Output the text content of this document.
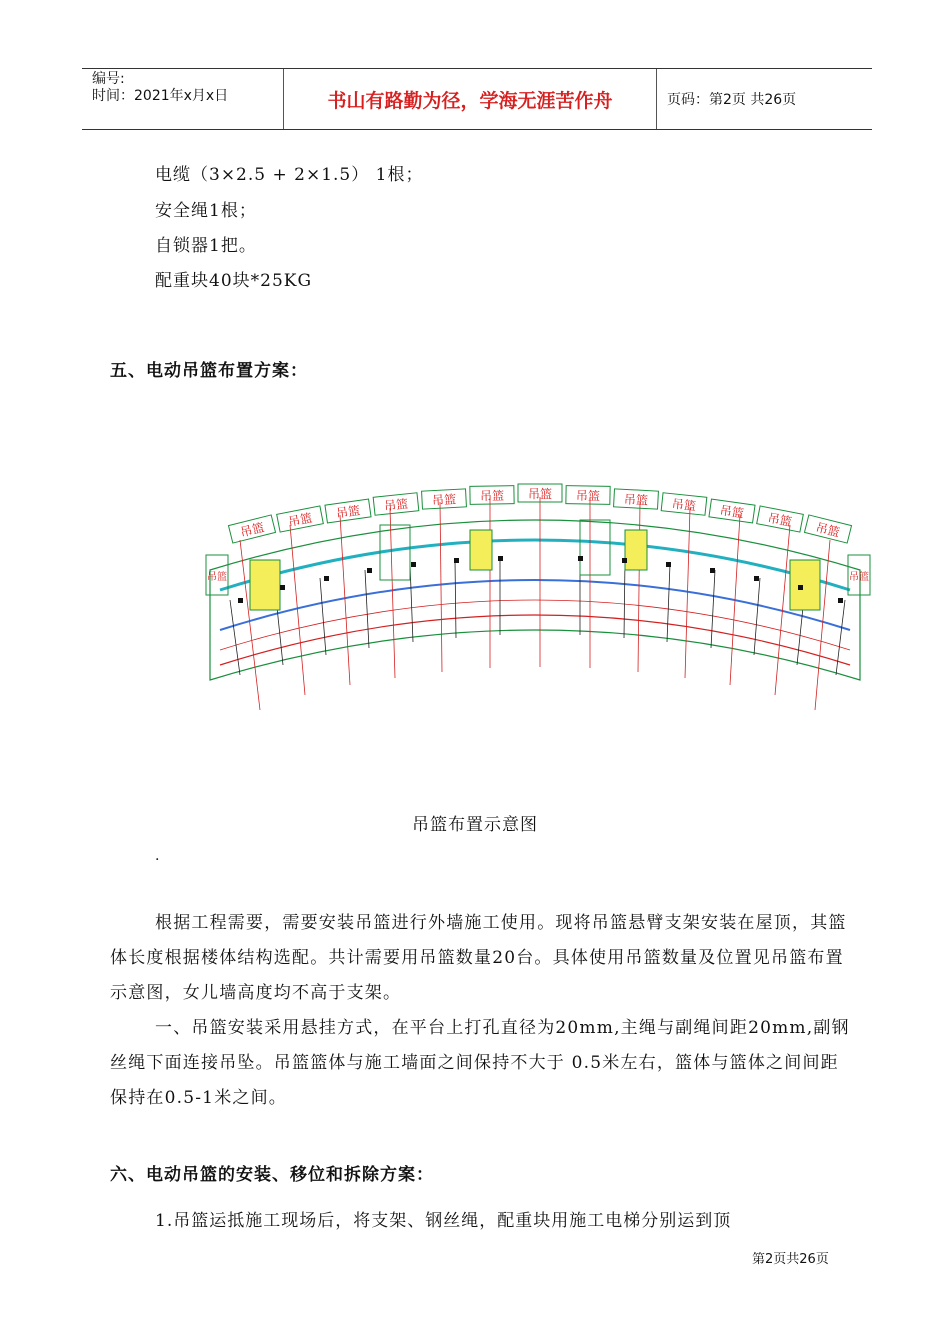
编号:
时间：2021年x月x日	书山有路勤为径，学海无涯苦作舟	页码：第2页 共26页
电缆（3×2.5 + 2×1.5） 1根；
安全绳1根；
自锁器1把。
配重块40块*25KG
五、电动吊篮布置方案：
吊篮
吊篮 吊篮 吊篮 吊篮 吊篮 吊篮 吊篮 吊篮 吊篮 吊篮 吊篮
吊篮
吊篮	吊篮
吊篮布置示意图
.
根据工程需要，需要安装吊篮进行外墙施工使用。现将吊篮悬臂支架安装在屋顶，其篮体长度根据楼体结构选配。共计需要用吊篮数量20台。具体使用吊篮数量及位置见吊篮布置示意图，女儿墙高度均不高于支架。
一、吊篮安装采用悬挂方式，在平台上打孔直径为20mm,主绳与副绳间距20mm,副钢丝绳下面连接吊坠。吊篮篮体与施工墙面之间保持不大于 0.5米左右，篮体与篮体之间间距保持在0.5-1米之间。
六、电动吊篮的安装、移位和拆除方案：
1.吊篮运抵施工现场后，将支架、钢丝绳，配重块用施工电梯分别运到顶
第2页共26页
